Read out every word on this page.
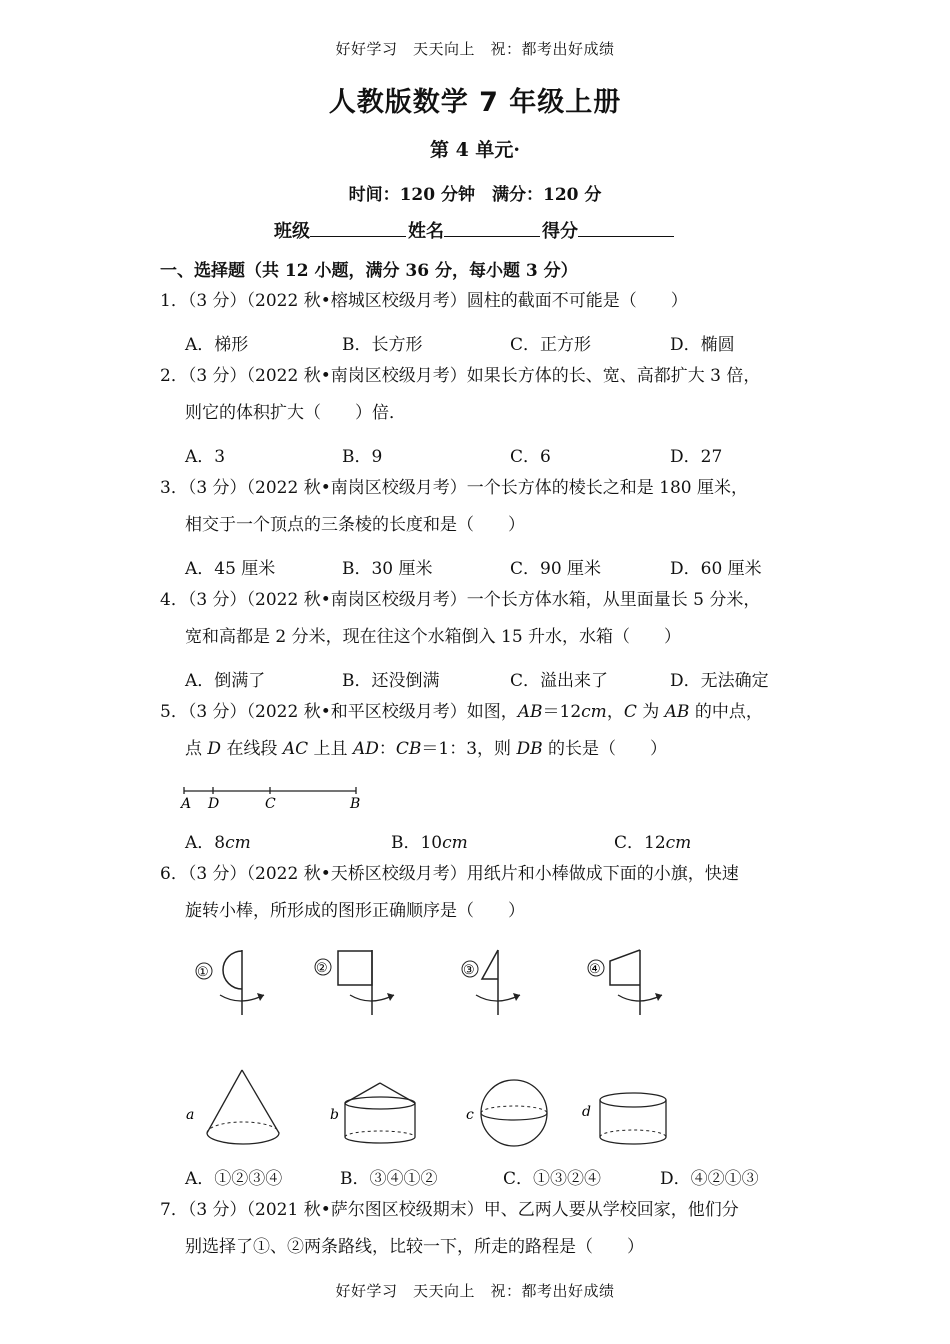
好好学习　天天向上　祝：都考出好成绩
人教版数学 7 年级上册
第 4 单元·
时间：120 分钟　满分：120 分
班级	姓名	得分
一、选择题（共 12 小题，满分 36 分，每小题 3 分）
1．（3 分）（2022 秋•榕城区校级月考）圆柱的截面不可能是（　　）
A．梯形	B．长方形	C．正方形	D．椭圆
2．（3 分）（2022 秋•南岗区校级月考）如果长方体的长、宽、高都扩大 3 倍，
则它的体积扩大（　　）倍．
A．3	B．9	C．6	D．27
3．（3 分）（2022 秋•南岗区校级月考）一个长方体的棱长之和是 180 厘米，
相交于一个顶点的三条棱的长度和是（　　）
A．45 厘米	B．30 厘米	C．90 厘米	D．60 厘米
4．（3 分）（2022 秋•南岗区校级月考）一个长方体水箱，从里面量长 5 分米，
宽和高都是 2 分米，现在往这个水箱倒入 15 升水，水箱（　　）
A．倒满了	B．还没倒满	C．溢出来了	D．无法确定
5．（3 分）（2022 秋•和平区校级月考）如图，AB＝12cm，C 为 AB 的中点，
点 D 在线段 AC 上且 AD：CB＝1：3，则 DB 的长是（　　）
A D	C	B
A．8cm	B．10cm	C．12cm
6．（3 分）（2022 秋•天桥区校级月考）用纸片和小棒做成下面的小旗，快速
旋转小棒，所形成的图形正确顺序是（　　）
①	②	③	④
a	b	c	d
A．①②③④	B．③④①②	C．①③②④	D．④②①③
7．（3 分）（2021 秋•萨尔图区校级期末）甲、乙两人要从学校回家，他们分
别选择了①、②两条路线，比较一下，所走的路程是（　　）
好好学习　天天向上　祝：都考出好成绩
